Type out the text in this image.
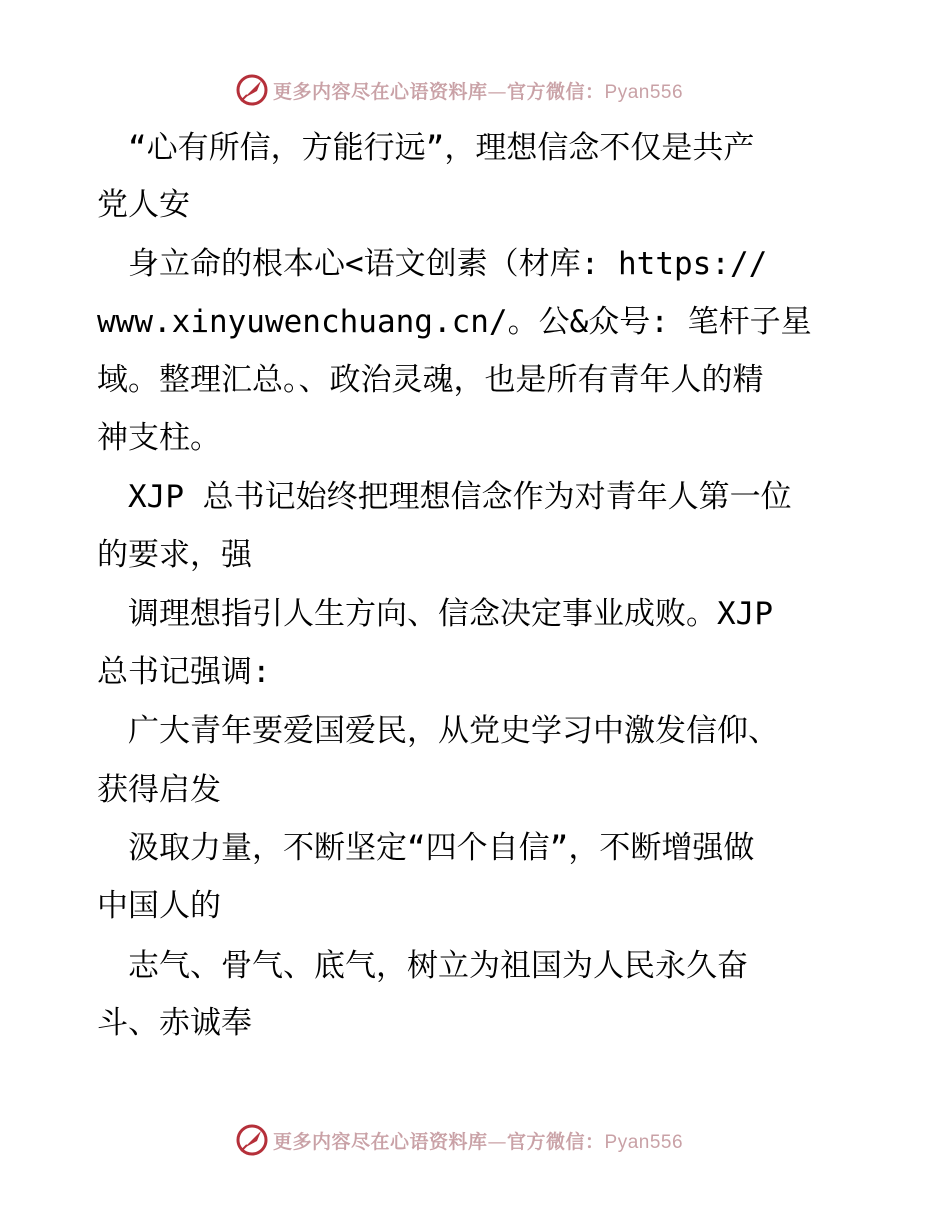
更多内容尽在心语资料库—官方微信：Pyan556
　“心有所信，方能行远”，理想信念不仅是共产
党人安
　身立命的根本心<语文创素（材库: https://
www.xinyuwenchuang.cn/。公&众号: 笔杆子星
域。整理汇总。、政治灵魂，也是所有青年人的精
神支柱。
　XJP 总书记始终把理想信念作为对青年人第一位
的要求，强
　调理想指引人生方向、信念决定事业成败。XJP
总书记强调:
　广大青年要爱国爱民，从党史学习中激发信仰、
获得启发
　汲取力量，不断坚定“四个自信”，不断增强做
中国人的
　志气、骨气、底气，树立为祖国为人民永久奋
斗、赤诚奉
更多内容尽在心语资料库—官方微信：Pyan556
